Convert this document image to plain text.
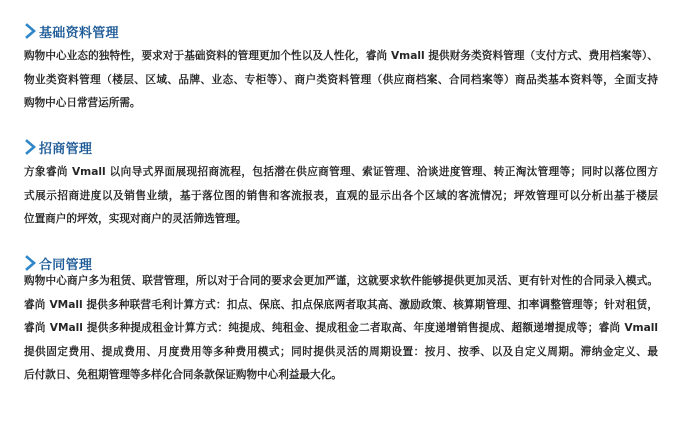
基础资料管理
购物中心业态的独特性，要求对于基础资料的管理更加个性以及人性化，睿尚 Vmall 提供财务类资料管理（支付方式、费用档案等）、
物业类资料管理（楼层、区域、品牌、业态、专柜等）、商户类资料管理（供应商档案、合同档案等）商品类基本资料等，全面支持
购物中心日常营运所需。
招商管理
方象睿尚 Vmall 以向导式界面展现招商流程，包括潜在供应商管理、索证管理、洽谈进度管理、转正淘汰管理等；同时以落位图方
式展示招商进度以及销售业绩，基于落位图的销售和客流报表，直观的显示出各个区域的客流情况；坪效管理可以分析出基于楼层
位置商户的坪效，实现对商户的灵活筛选管理。
合同管理
购物中心商户多为租赁、联营管理，所以对于合同的要求会更加严谨，这就要求软件能够提供更加灵活、更有针对性的合同录入模式。
睿尚 VMall 提供多种联营毛利计算方式：扣点、保底、扣点保底两者取其高、激励政策、核算期管理、扣率调整管理等；针对租赁，
睿尚 VMall 提供多种提成租金计算方式：纯提成、纯租金、提成租金二者取高、年度递增销售提成、超额递增提成等；睿尚 Vmall
提供固定费用、提成费用、月度费用等多种费用模式；同时提供灵活的周期设置：按月、按季、以及自定义周期。滞纳金定义、最
后付款日、免租期管理等多样化合同条款保证购物中心利益最大化。
